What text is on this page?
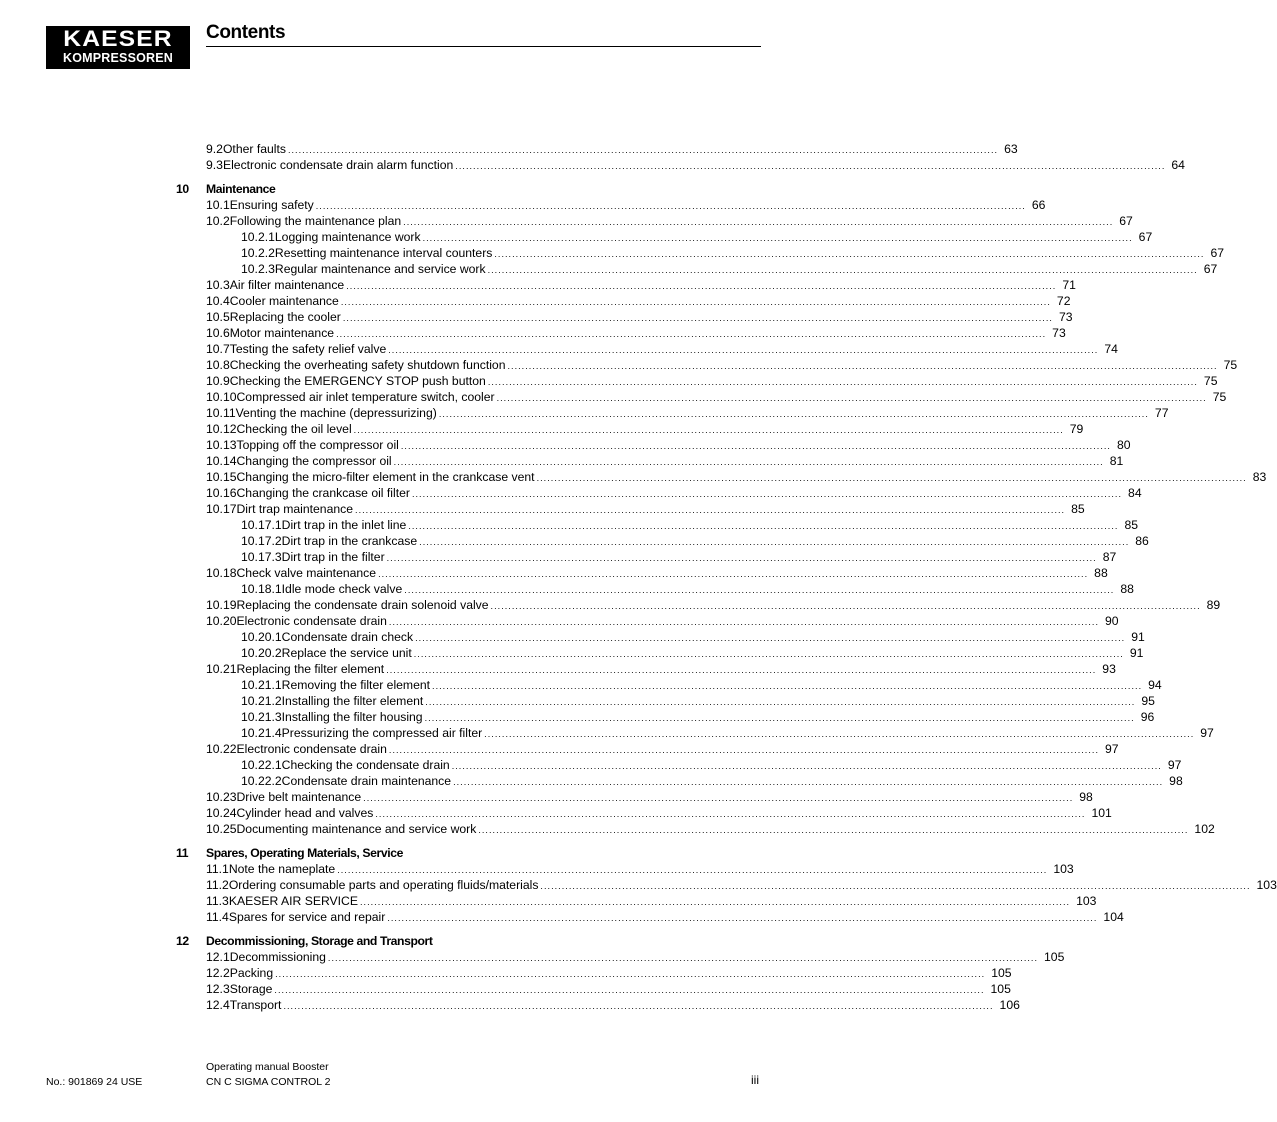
KAESER
KOMPRESSOREN
Contents
9.2 Other faults ........................................................................................................................................................................................................ 63
9.3 Electronic condensate drain alarm function ........................................................................................................................................................................................................ 64
10 Maintenance
10.1 Ensuring safety ........................................................................................................................................................................................................ 66
10.2 Following the maintenance plan ........................................................................................................................................................................................................ 67
10.2.1 Logging maintenance work ........................................................................................................................................................................................................ 67
10.2.2 Resetting maintenance interval counters ........................................................................................................................................................................................................ 67
10.2.3 Regular maintenance and service work ........................................................................................................................................................................................................ 67
10.3 Air filter maintenance ........................................................................................................................................................................................................ 71
10.4 Cooler maintenance ........................................................................................................................................................................................................ 72
10.5 Replacing the cooler ........................................................................................................................................................................................................ 73
10.6 Motor maintenance ........................................................................................................................................................................................................ 73
10.7 Testing the safety relief valve ........................................................................................................................................................................................................ 74
10.8 Checking the overheating safety shutdown function ........................................................................................................................................................................................................ 75
10.9 Checking the EMERGENCY STOP push button ........................................................................................................................................................................................................ 75
10.10 Compressed air inlet temperature switch, cooler ........................................................................................................................................................................................................ 75
10.11 Venting the machine (depressurizing) ........................................................................................................................................................................................................ 77
10.12 Checking the oil level ........................................................................................................................................................................................................ 79
10.13 Topping off the compressor oil ........................................................................................................................................................................................................ 80
10.14 Changing the compressor oil ........................................................................................................................................................................................................ 81
10.15 Changing the micro-filter element in the crankcase vent ........................................................................................................................................................................................................ 83
10.16 Changing the crankcase oil filter ........................................................................................................................................................................................................ 84
10.17 Dirt trap maintenance ........................................................................................................................................................................................................ 85
10.17.1 Dirt trap in the inlet line ........................................................................................................................................................................................................ 85
10.17.2 Dirt trap in the crankcase ........................................................................................................................................................................................................ 86
10.17.3 Dirt trap in the filter ........................................................................................................................................................................................................ 87
10.18 Check valve maintenance ........................................................................................................................................................................................................ 88
10.18.1 Idle mode check valve ........................................................................................................................................................................................................ 88
10.19 Replacing the condensate drain solenoid valve ........................................................................................................................................................................................................ 89
10.20 Electronic condensate drain ........................................................................................................................................................................................................ 90
10.20.1 Condensate drain check ........................................................................................................................................................................................................ 91
10.20.2 Replace the service unit ........................................................................................................................................................................................................ 91
10.21 Replacing the filter element ........................................................................................................................................................................................................ 93
10.21.1 Removing the filter element ........................................................................................................................................................................................................ 94
10.21.2 Installing the filter element ........................................................................................................................................................................................................ 95
10.21.3 Installing the filter housing ........................................................................................................................................................................................................ 96
10.21.4 Pressurizing the compressed air filter ........................................................................................................................................................................................................ 97
10.22 Electronic condensate drain ........................................................................................................................................................................................................ 97
10.22.1 Checking the condensate drain ........................................................................................................................................................................................................ 97
10.22.2 Condensate drain maintenance ........................................................................................................................................................................................................ 98
10.23 Drive belt maintenance ........................................................................................................................................................................................................ 98
10.24 Cylinder head and valves ........................................................................................................................................................................................................ 101
10.25 Documenting maintenance and service work ........................................................................................................................................................................................................ 102
11 Spares, Operating Materials, Service
11.1 Note the nameplate ........................................................................................................................................................................................................ 103
11.2 Ordering consumable parts and operating fluids/materials ........................................................................................................................................................................................................ 103
11.3 KAESER AIR SERVICE ........................................................................................................................................................................................................ 103
11.4 Spares for service and repair ........................................................................................................................................................................................................ 104
12 Decommissioning, Storage and Transport
12.1 Decommissioning ........................................................................................................................................................................................................ 105
12.2 Packing ........................................................................................................................................................................................................ 105
12.3 Storage ........................................................................................................................................................................................................ 105
12.4 Transport ........................................................................................................................................................................................................ 106
No.: 901869 24 USE
Operating manual Booster
CN C SIGMA CONTROL 2	iii
